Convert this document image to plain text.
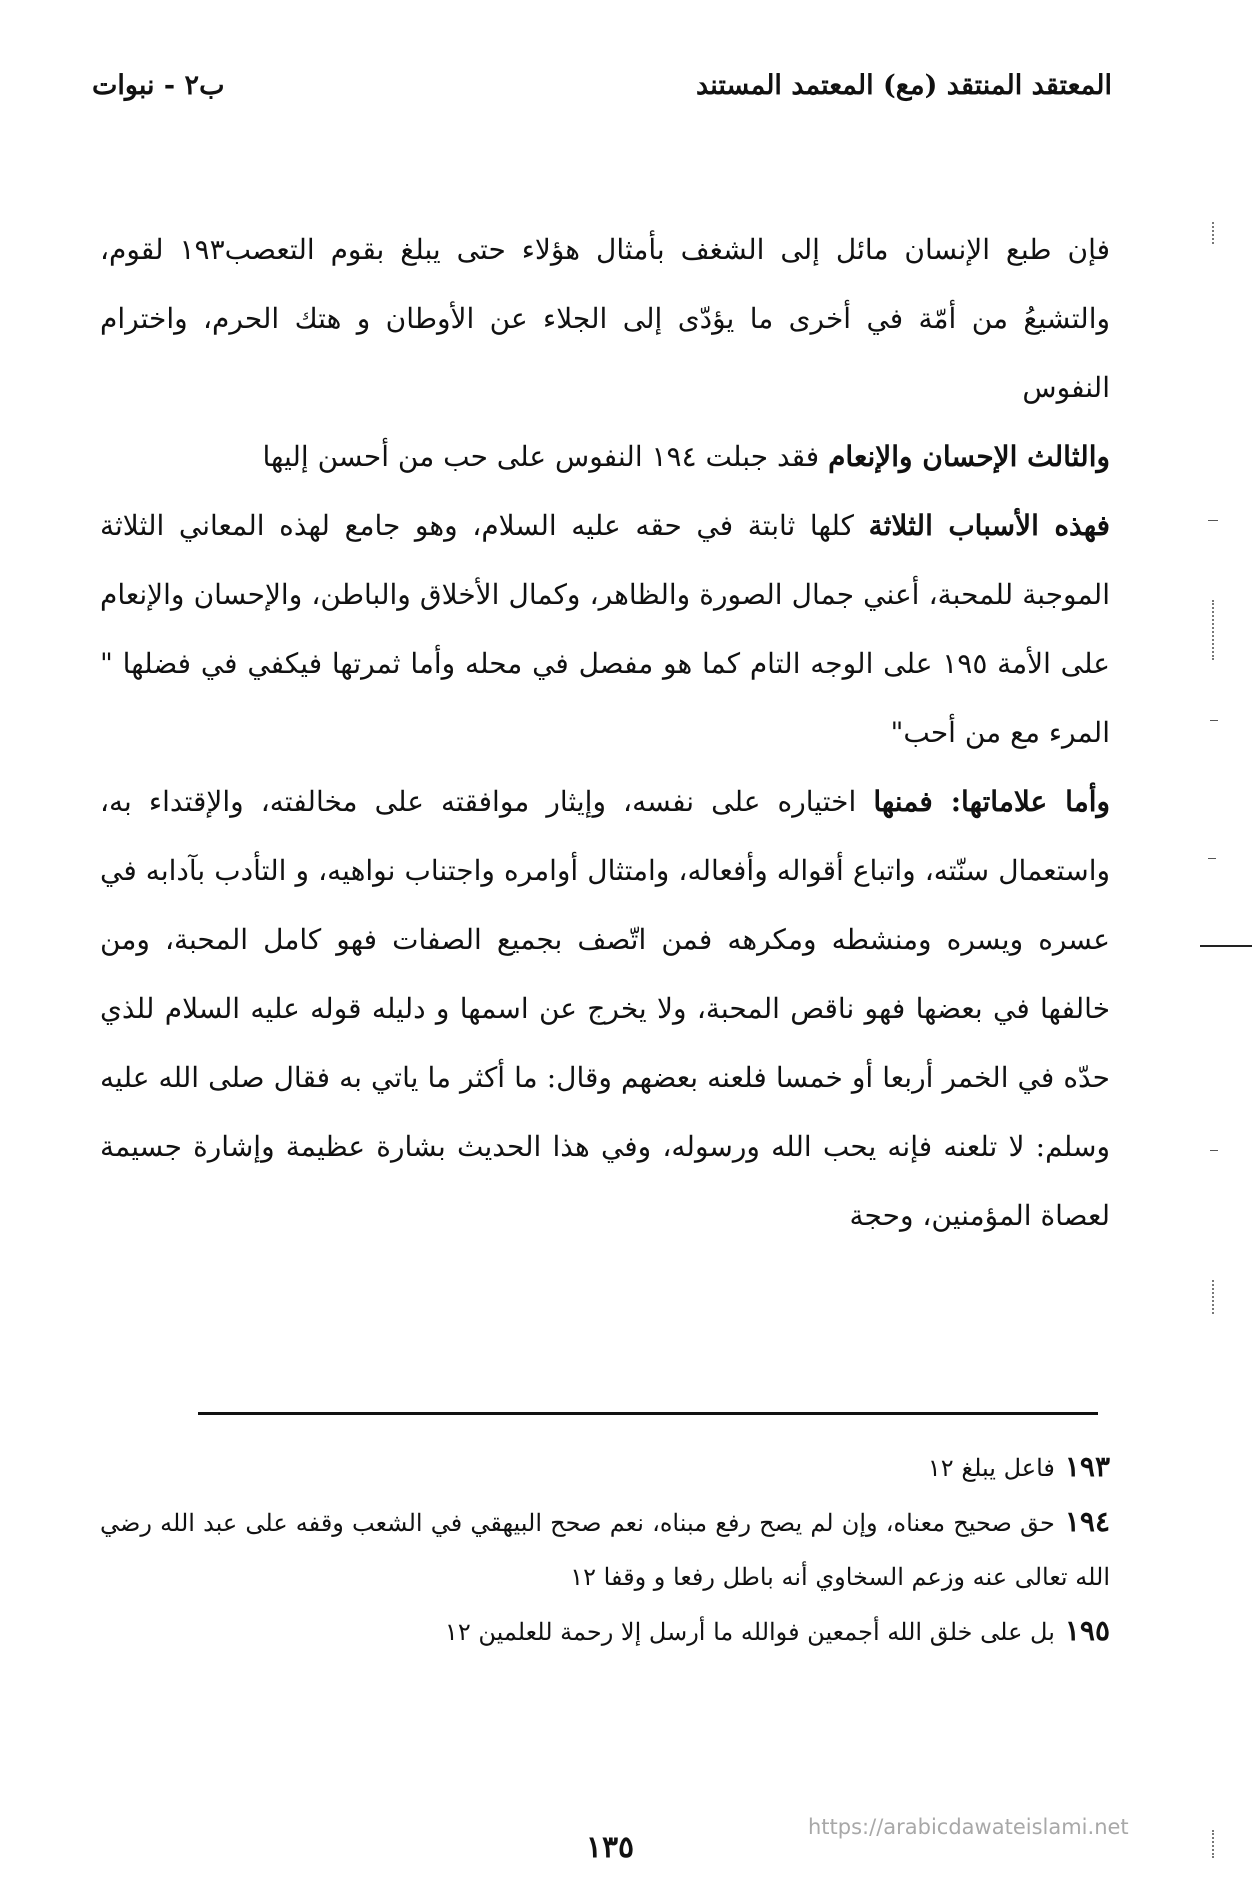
ب٢ - نبوات	المعتقد المنتقد (مع) المعتمد المستند

فإن طبع الإنسان مائل إلى الشغف بأمثال هؤلاء حتى يبلغ بقوم التعصب١٩٣ لقوم، والتشيعُ من أمّة في أخرى ما يؤدّى إلى الجلاء عن الأوطان و هتك الحرم، واخترام النفوس

والثالث الإحسان والإنعام فقد جبلت ١٩٤ النفوس على حب من أحسن إليها

فهذه الأسباب الثلاثة كلها ثابتة في حقه عليه السلام، وهو جامع لهذه المعاني الثلاثة الموجبة للمحبة، أعني جمال الصورة والظاهر، وكمال الأخلاق والباطن، والإحسان والإنعام على الأمة ١٩٥ على الوجه التام كما هو مفصل في محله وأما ثمرتها فيكفي في فضلها " المرء مع من أحب"

وأما علاماتها: فمنها اختياره على نفسه، وإيثار موافقته على مخالفته، والإقتداء به، واستعمال سنّته، واتباع أقواله وأفعاله، وامتثال أوامره واجتناب نواهيه، و التأدب بآدابه في عسره ويسره ومنشطه ومكرهه فمن اتّصف بجميع الصفات فهو كامل المحبة، ومن خالفها في بعضها فهو ناقص المحبة، ولا يخرج عن اسمها و دليله قوله عليه السلام للذي حدّه في الخمر أربعا أو خمسا فلعنه بعضهم وقال: ما أكثر ما ياتي به فقال صلى الله عليه وسلم: لا تلعنه فإنه يحب الله ورسوله، وفي هذا الحديث بشارة عظيمة وإشارة جسيمة لعصاة المؤمنين، وحجة

١٩٣فاعل يبلغ ١٢

١٩٤حق صحيح معناه، وإن لم يصح رفع مبناه، نعم صحح البيهقي في الشعب وقفه على عبد الله رضي الله تعالى عنه وزعم السخاوي أنه باطل رفعا و وقفا ١٢

١٩٥بل على خلق الله أجمعين فوالله ما أرسل إلا رحمة للعلمين ١٢

١٣٥
https://arabicdawateislami.net
